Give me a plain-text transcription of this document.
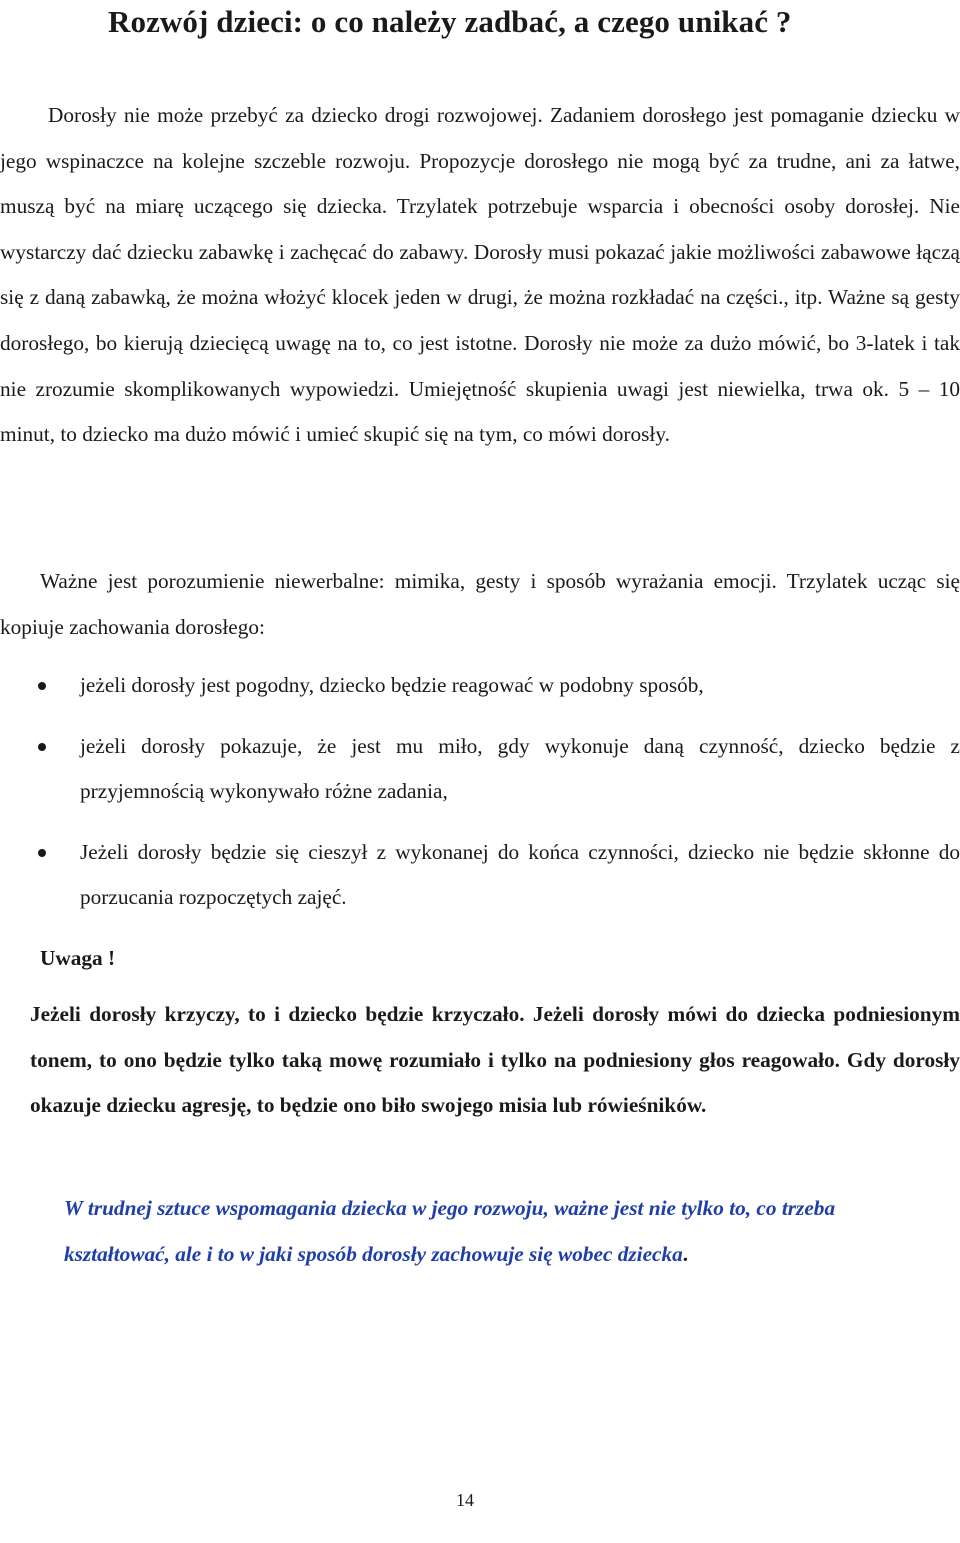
Rozwój dzieci: o co należy zadbać, a czego unikać ?

Dorosły nie może przebyć za dziecko drogi rozwojowej. Zadaniem dorosłego jest pomaganie dziecku w jego wspinaczce na kolejne szczeble rozwoju. Propozycje dorosłego nie mogą być za trudne, ani za łatwe, muszą być na miarę uczącego się dziecka. Trzylatek potrzebuje wsparcia i obecności osoby dorosłej. Nie wystarczy dać dziecku zabawkę i zachęcać do zabawy. Dorosły musi pokazać jakie możliwości zabawowe łączą się z daną zabawką, że można włożyć klocek jeden w drugi, że można rozkładać na części., itp. Ważne są gesty dorosłego, bo kierują dziecięcą uwagę na to, co jest istotne. Dorosły nie może za dużo mówić, bo 3-latek i tak nie zrozumie skomplikowanych wypowiedzi. Umiejętność skupienia uwagi jest niewielka, trwa ok. 5 – 10 minut, to dziecko ma dużo mówić i umieć skupić się na tym, co mówi dorosły.

Ważne jest porozumienie niewerbalne: mimika, gesty i sposób wyrażania emocji. Trzylatek ucząc się kopiuje zachowania dorosłego:

jeżeli dorosły jest pogodny, dziecko będzie reagować w podobny sposób,
jeżeli dorosły pokazuje, że jest mu miło, gdy wykonuje daną czynność, dziecko będzie z przyjemnością wykonywało różne zadania,
Jeżeli dorosły będzie się cieszył z wykonanej do końca czynności, dziecko nie będzie skłonne do porzucania rozpoczętych zajęć.

Uwaga !

Jeżeli dorosły krzyczy, to i dziecko będzie krzyczało. Jeżeli dorosły mówi do dziecka podniesionym tonem, to ono będzie tylko taką mowę rozumiało i tylko na podniesiony głos reagowało. Gdy dorosły okazuje dziecku agresję, to będzie ono biło swojego misia lub rówieśników.

W trudnej sztuce wspomagania dziecka w jego rozwoju, ważne jest nie tylko to, co trzeba kształtować, ale i to w jaki sposób dorosły zachowuje się wobec dziecka.

14
